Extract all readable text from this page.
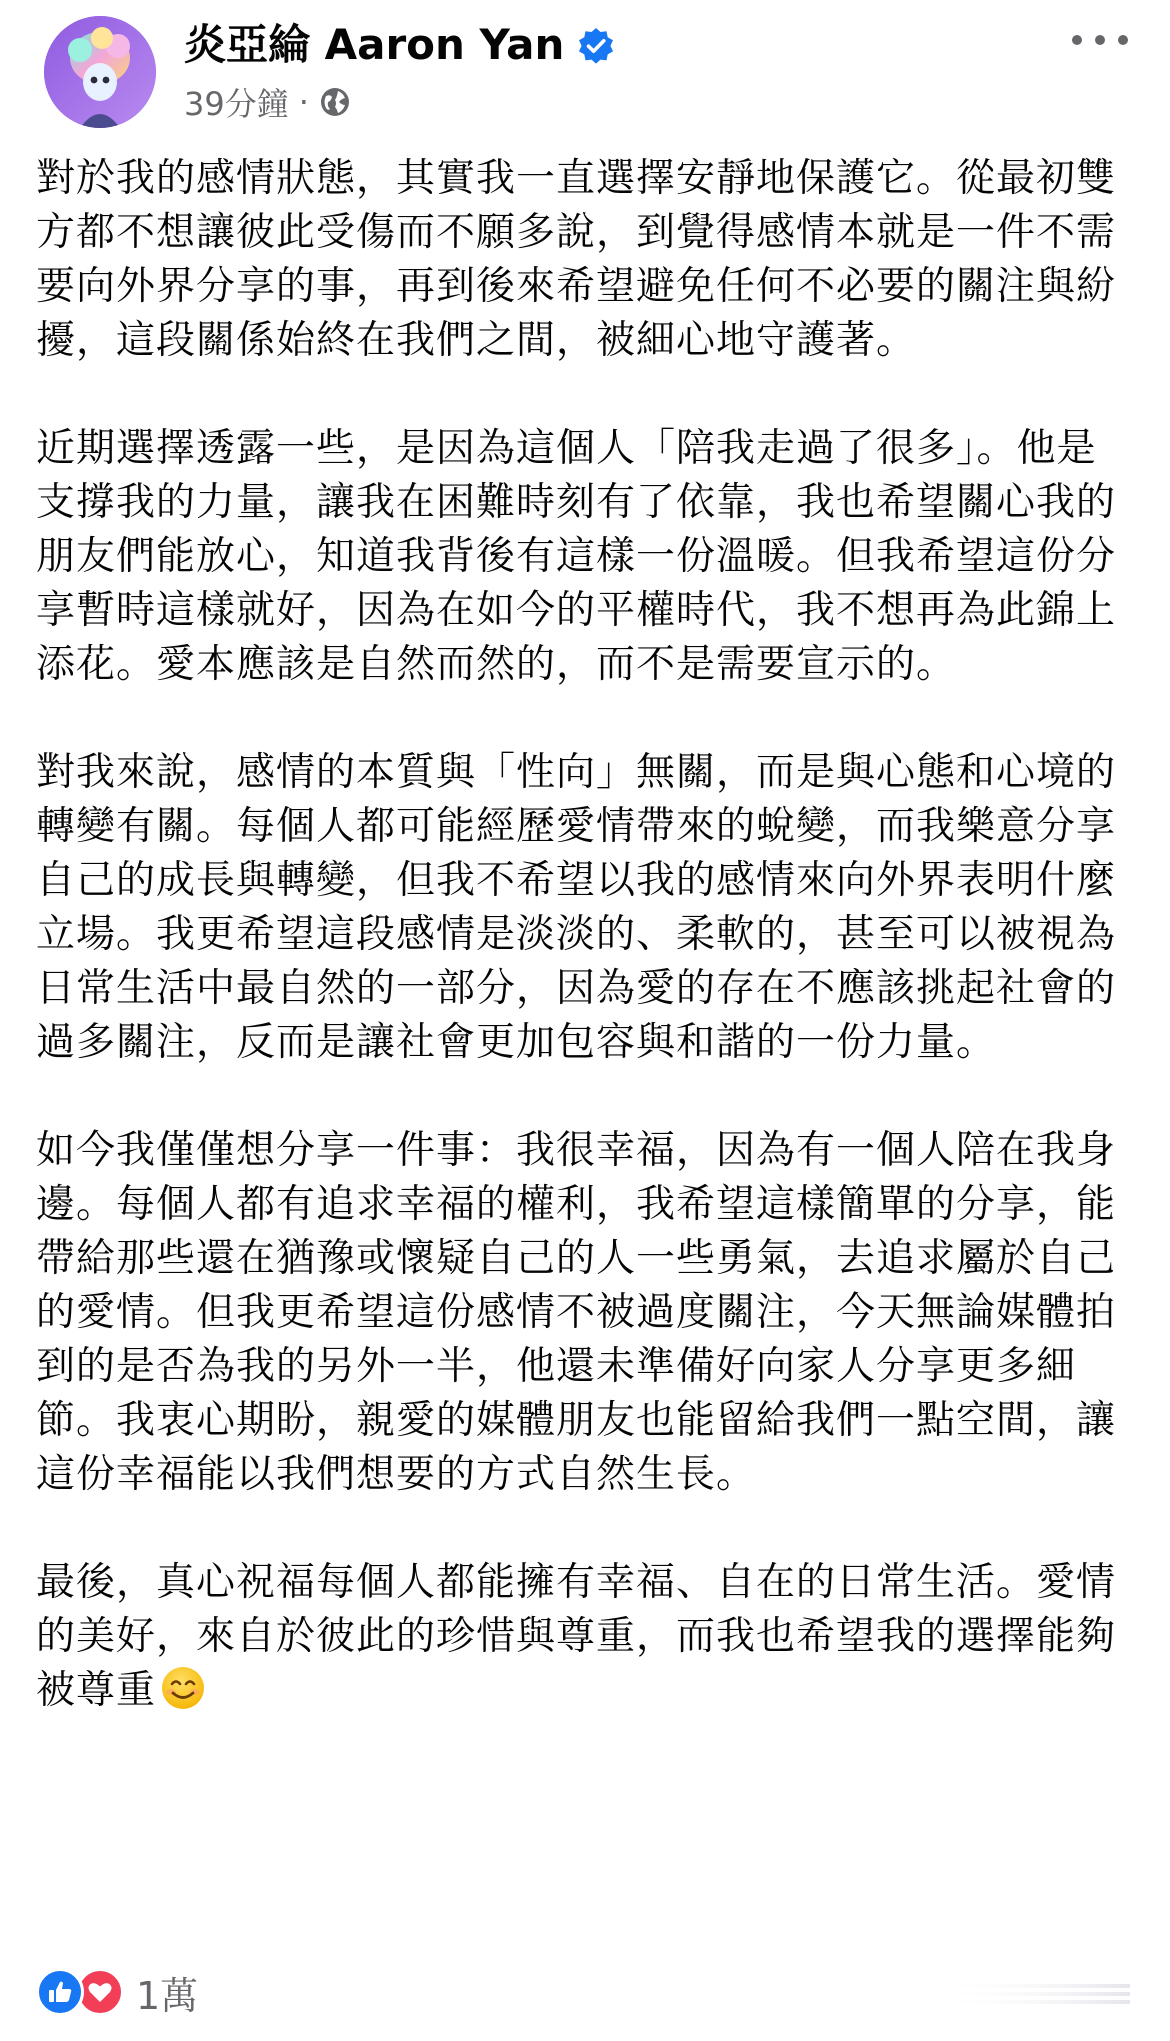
炎亞綸 Aaron Yan
39分鐘 ·

對於我的感情狀態，其實我一直選擇安靜地保護它。從最初雙方都不想讓彼此受傷而不願多說，到覺得感情本就是一件不需要向外界分享的事，再到後來希望避免任何不必要的關注與紛擾，這段關係始終在我們之間，被細心地守護著。

近期選擇透露一些，是因為這個人「陪我走過了很多」。他是支撐我的力量，讓我在困難時刻有了依靠，我也希望關心我的朋友們能放心，知道我背後有這樣一份溫暖。但我希望這份分享暫時這樣就好，因為在如今的平權時代，我不想再為此錦上添花。愛本應該是自然而然的，而不是需要宣示的。

對我來說，感情的本質與「性向」無關，而是與心態和心境的轉變有關。每個人都可能經歷愛情帶來的蛻變，而我樂意分享自己的成長與轉變，但我不希望以我的感情來向外界表明什麼立場。我更希望這段感情是淡淡的、柔軟的，甚至可以被視為日常生活中最自然的一部分，因為愛的存在不應該挑起社會的過多關注，反而是讓社會更加包容與和諧的一份力量。

如今我僅僅想分享一件事：我很幸福，因為有一個人陪在我身邊。每個人都有追求幸福的權利，我希望這樣簡單的分享，能帶給那些還在猶豫或懷疑自己的人一些勇氣，去追求屬於自己的愛情。但我更希望這份感情不被過度關注，今天無論媒體拍到的是否為我的另外一半，他還未準備好向家人分享更多細節。我衷心期盼，親愛的媒體朋友也能留給我們一點空間，讓這份幸福能以我們想要的方式自然生長。

最後，真心祝福每個人都能擁有幸福、自在的日常生活。愛情的美好，來自於彼此的珍惜與尊重，而我也希望我的選擇能夠被尊重

1萬
